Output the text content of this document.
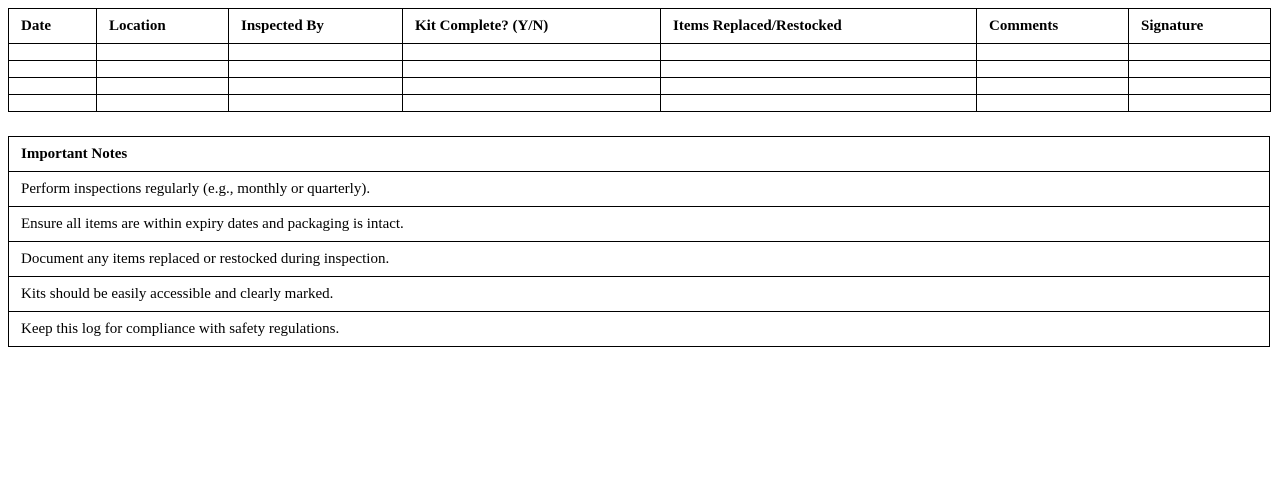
Date	Location	Inspected By	Kit Complete? (Y/N)	Items Replaced/Restocked	Comments	Signature

Important Notes
Perform inspections regularly (e.g., monthly or quarterly).
Ensure all items are within expiry dates and packaging is intact.
Document any items replaced or restocked during inspection.
Kits should be easily accessible and clearly marked.
Keep this log for compliance with safety regulations.
